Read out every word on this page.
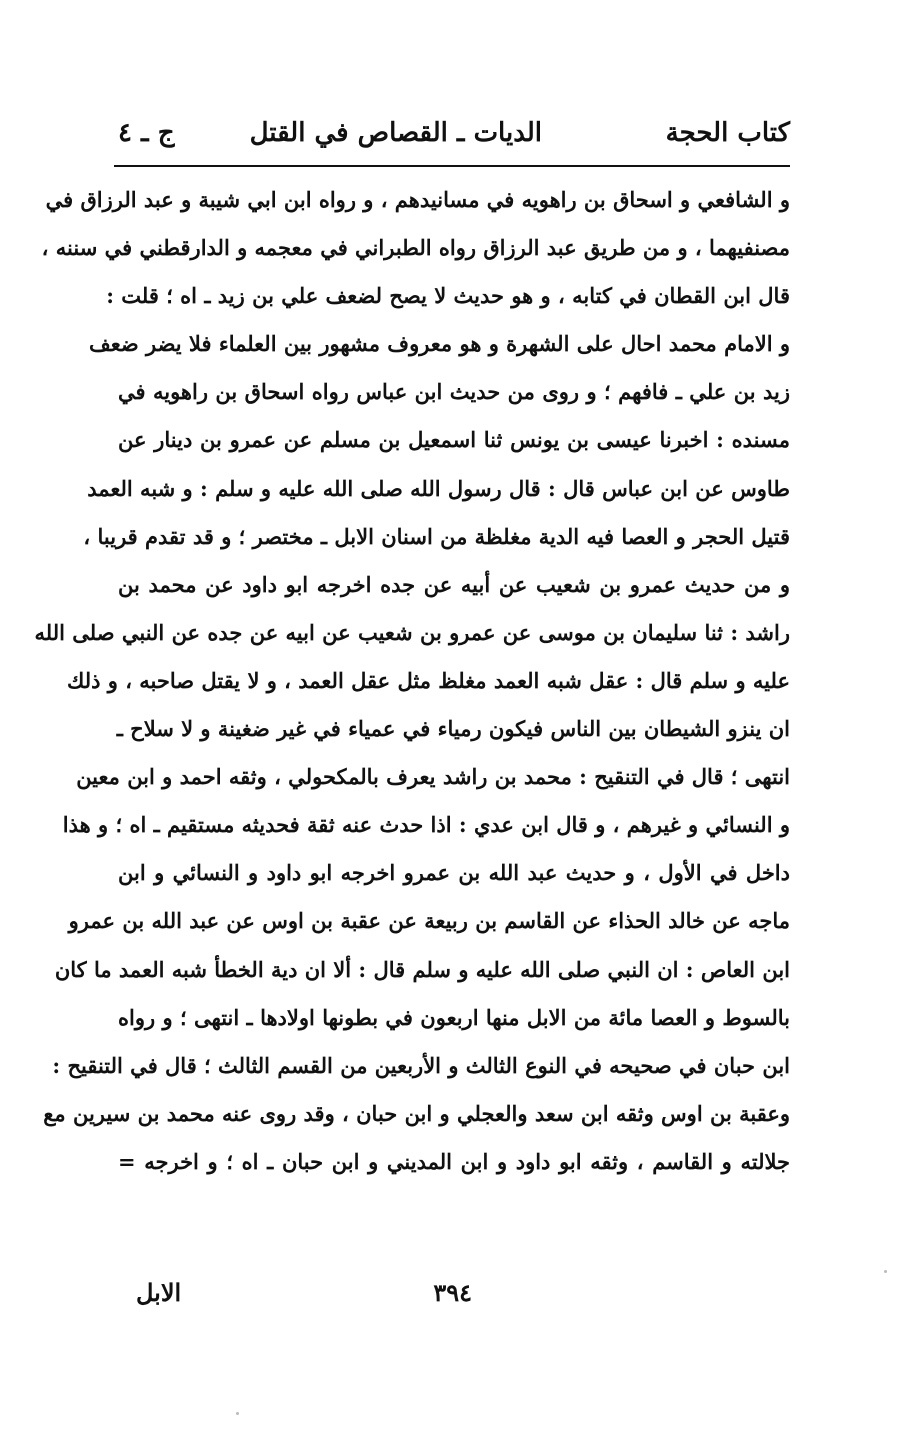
كتاب الحجة
الديات ـ القصاص في القتل
ج ـ ٤
و الشافعي و اسحاق بن راهويه في مسانيدهم ، و رواه ابن ابي شيبة و عبد الرزاق في
مصنفيهما ، و من طريق عبد الرزاق رواه الطبراني في معجمه و الدارقطني في سننه ،
قال ابن القطان في كتابه ، و هو حديث لا يصح لضعف علي بن زيد ـ اه ؛ قلت :
و الامام محمد احال على الشهرة و هو معروف مشهور بين العلماء فلا يضر ضعف
زيد بن علي ـ فافهم ؛ و روى من حديث ابن عباس رواه اسحاق بن راهويه في
مسنده : اخبرنا عيسى بن يونس ثنا اسمعيل بن مسلم عن عمرو بن دينار عن
طاوس عن ابن عباس قال : قال رسول الله صلى الله عليه و سلم : و شبه العمد
قتيل الحجر و العصا فيه الدية مغلظة من اسنان الابل ـ مختصر ؛ و قد تقدم قريبا ،
و من حديث عمرو بن شعيب عن أبيه عن جده اخرجه ابو داود عن محمد بن
راشد : ثنا سليمان بن موسى عن عمرو بن شعيب عن ابيه عن جده عن النبي صلى الله
عليه و سلم قال : عقل شبه العمد مغلظ مثل عقل العمد ، و لا يقتل صاحبه ، و ذلك
ان ينزو الشيطان بين الناس فيكون رمياء في عمياء في غير ضغينة و لا سلاح ـ
انتهى ؛ قال في التنقيح : محمد بن راشد يعرف بالمكحولي ، وثقه احمد و ابن معين
و النسائي و غيرهم ، و قال ابن عدي : اذا حدث عنه ثقة فحديثه مستقيم ـ اه ؛ و هذا
داخل في الأول ، و حديث عبد الله بن عمرو اخرجه ابو داود و النسائي و ابن
ماجه عن خالد الحذاء عن القاسم بن ربيعة عن عقبة بن اوس عن عبد الله بن عمرو
ابن العاص : ان النبي صلى الله عليه و سلم قال : ألا ان دية الخطأ شبه العمد ما كان
بالسوط و العصا مائة من الابل منها اربعون في بطونها اولادها ـ انتهى ؛ و رواه
ابن حبان في صحيحه في النوع الثالث و الأربعين من القسم الثالث ؛ قال في التنقيح :
وعقبة بن اوس وثقه ابن سعد والعجلي و ابن حبان ، وقد روى عنه محمد بن سيرين مع
جلالته و القاسم ، وثقه ابو داود و ابن المديني و ابن حبان ـ اه ؛ و اخرجه =
٣٩٤
الابل
